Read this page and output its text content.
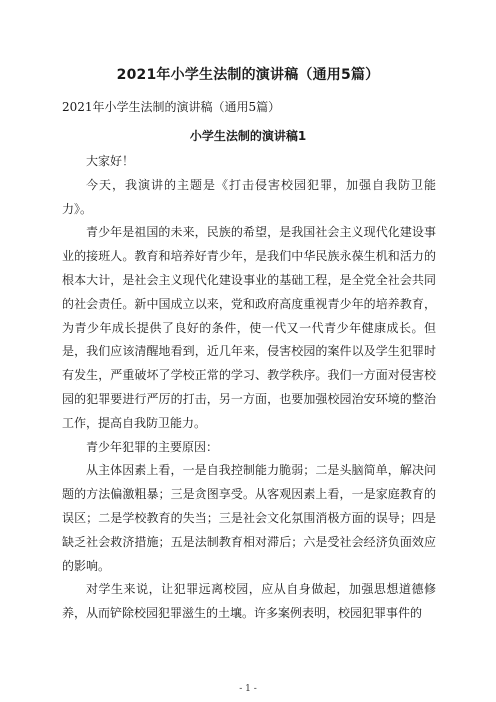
2021年小学生法制的演讲稿（通用5篇）
2021年小学生法制的演讲稿（通用5篇）
小学生法制的演讲稿1

大家好！

今天，我演讲的主题是《打击侵害校园犯罪，加强自我防卫能力》。

青少年是祖国的未来，民族的希望，是我国社会主义现代化建设事业的接班人。教育和培养好青少年，是我们中华民族永葆生机和活力的根本大计，是社会主义现代化建设事业的基础工程，是全党全社会共同的社会责任。新中国成立以来，党和政府高度重视青少年的培养教育，为青少年成长提供了良好的条件，使一代又一代青少年健康成长。但是，我们应该清醒地看到，近几年来，侵害校园的案件以及学生犯罪时有发生，严重破坏了学校正常的学习、教学秩序。我们一方面对侵害校园的犯罪要进行严厉的打击，另一方面，也要加强校园治安环境的整治工作，提高自我防卫能力。

青少年犯罪的主要原因：

从主体因素上看，一是自我控制能力脆弱；二是头脑简单，解决问题的方法偏激粗暴；三是贪图享受。从客观因素上看，一是家庭教育的误区；二是学校教育的失当；三是社会文化氛围消极方面的误导；四是缺乏社会救济措施；五是法制教育相对滞后；六是受社会经济负面效应的影响。

对学生来说，让犯罪远离校园，应从自身做起，加强思想道德修养，从而铲除校园犯罪滋生的土壤。许多案例表明，校园犯罪事件的

- 1 -
